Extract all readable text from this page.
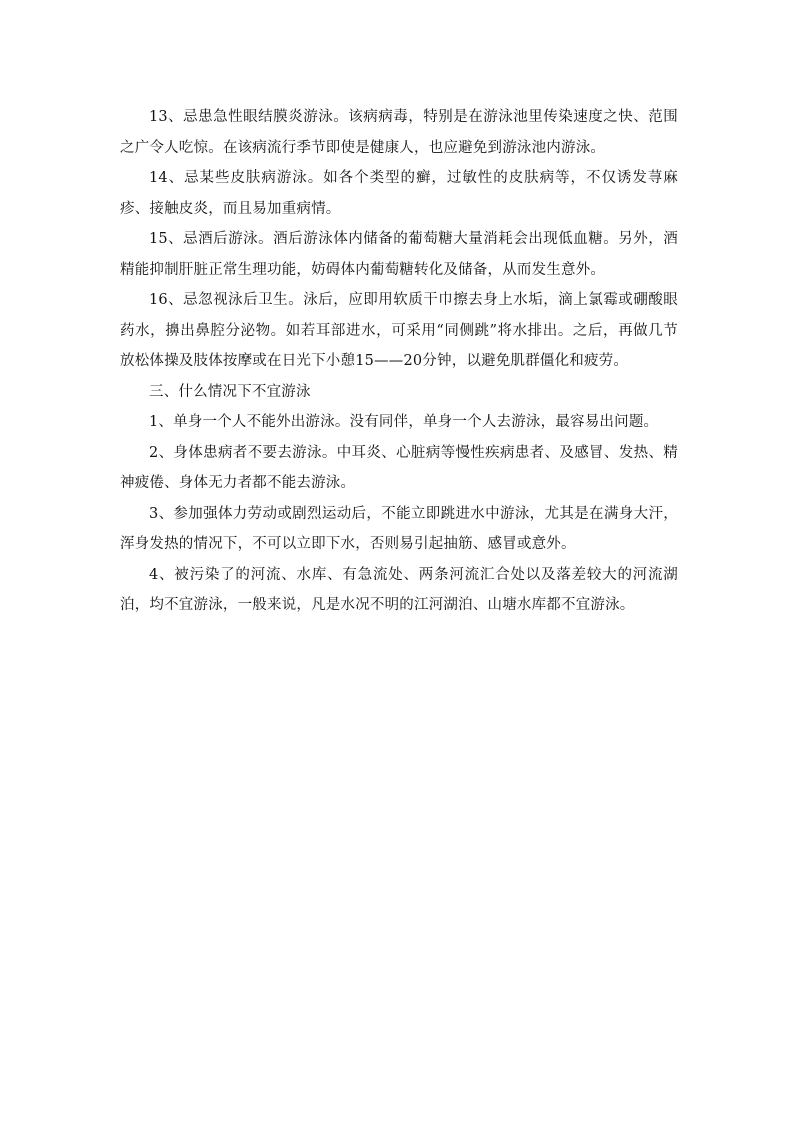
13、忌患急性眼结膜炎游泳。该病病毒，特别是在游泳池里传染速度之快、范围之广令人吃惊。在该病流行季节即使是健康人，也应避免到游泳池内游泳。

14、忌某些皮肤病游泳。如各个类型的癣，过敏性的皮肤病等，不仅诱发荨麻疹、接触皮炎，而且易加重病情。

15、忌酒后游泳。酒后游泳体内储备的葡萄糖大量消耗会出现低血糖。另外，酒精能抑制肝脏正常生理功能，妨碍体内葡萄糖转化及储备，从而发生意外。

16、忌忽视泳后卫生。泳后，应即用软质干巾擦去身上水垢，滴上氯霉或硼酸眼药水，擤出鼻腔分泌物。如若耳部进水，可采用“同侧跳”将水排出。之后，再做几节放松体操及肢体按摩或在日光下小憩15——20分钟，以避免肌群僵化和疲劳。

三、什么情况下不宜游泳

1、单身一个人不能外出游泳。没有同伴，单身一个人去游泳，最容易出问题。

2、身体患病者不要去游泳。中耳炎、心脏病等慢性疾病患者、及感冒、发热、精神疲倦、身体无力者都不能去游泳。

3、参加强体力劳动或剧烈运动后，不能立即跳进水中游泳，尤其是在满身大汗，浑身发热的情况下，不可以立即下水，否则易引起抽筋、感冒或意外。

4、被污染了的河流、水库、有急流处、两条河流汇合处以及落差较大的河流湖泊，均不宜游泳，一般来说，凡是水况不明的江河湖泊、山塘水库都不宜游泳。
